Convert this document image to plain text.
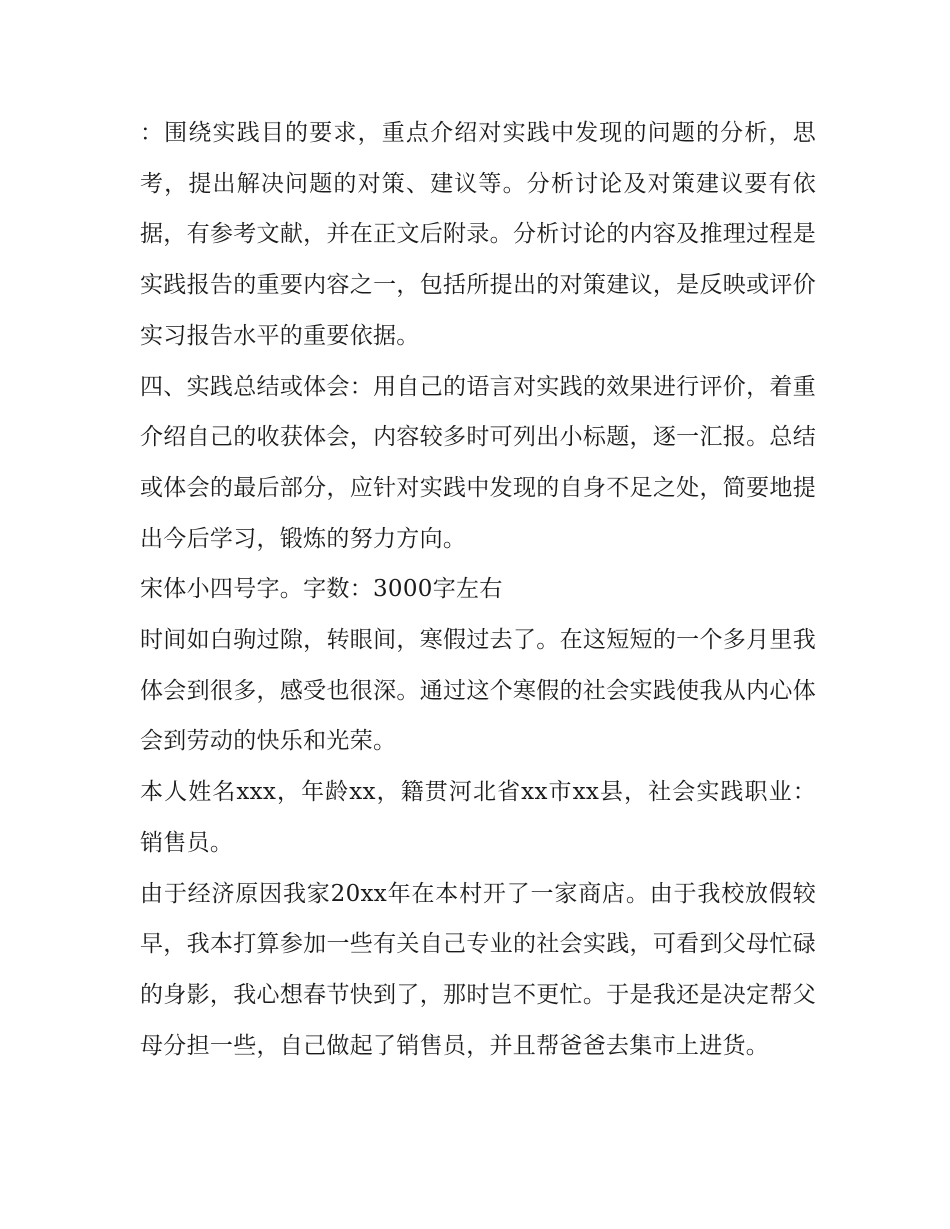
：围绕实践目的要求，重点介绍对实践中发现的问题的分析，思考，提出解决问题的对策、建议等。分析讨论及对策建议要有依据，有参考文献，并在正文后附录。分析讨论的内容及推理过程是实践报告的重要内容之一，包括所提出的对策建议，是反映或评价实习报告水平的重要依据。

四、实践总结或体会：用自己的语言对实践的效果进行评价，着重介绍自己的收获体会，内容较多时可列出小标题，逐一汇报。总结或体会的最后部分，应针对实践中发现的自身不足之处，简要地提出今后学习，锻炼的努力方向。

宋体小四号字。字数：3000字左右

时间如白驹过隙，转眼间，寒假过去了。在这短短的一个多月里我体会到很多，感受也很深。通过这个寒假的社会实践使我从内心体会到劳动的快乐和光荣。

本人姓名xxx，年龄xx，籍贯河北省xx市xx县，社会实践职业：销售员。

由于经济原因我家20xx年在本村开了一家商店。由于我校放假较早，我本打算参加一些有关自己专业的社会实践，可看到父母忙碌的身影，我心想春节快到了，那时岂不更忙。于是我还是决定帮父母分担一些，自己做起了销售员，并且帮爸爸去集市上进货。
